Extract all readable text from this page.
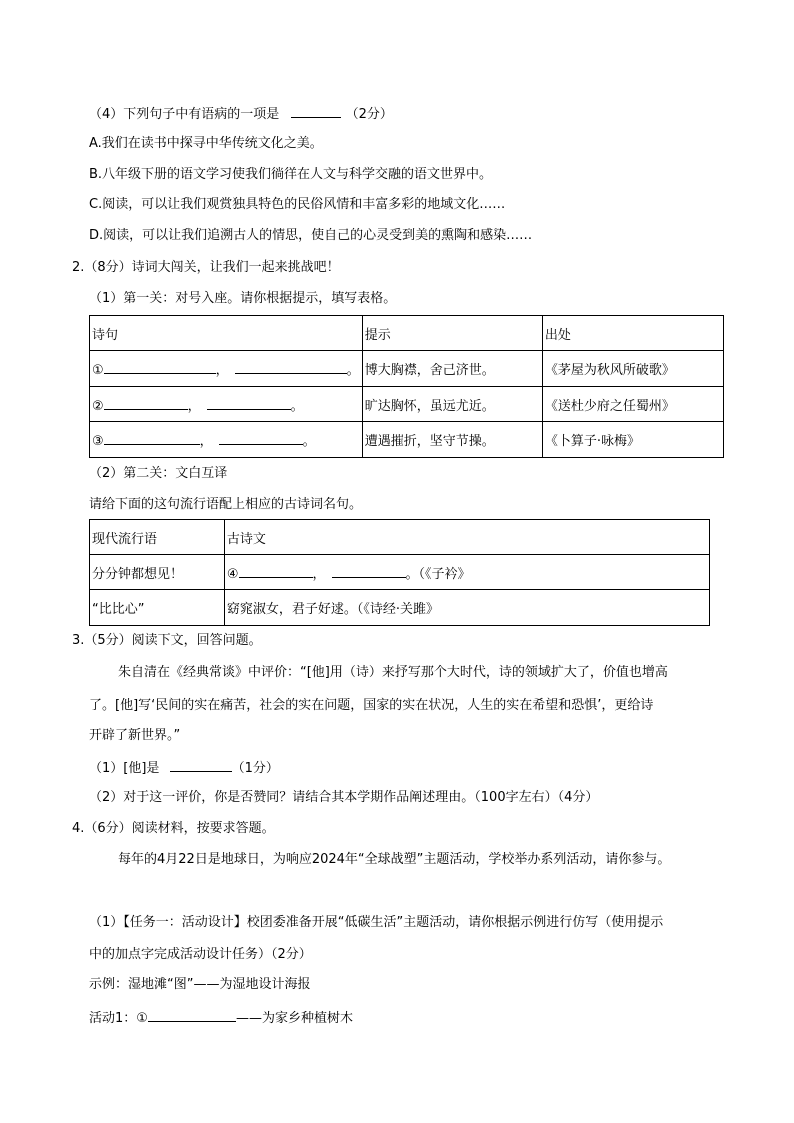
（4）下列句子中有语病的一项是	（2分）
A.我们在读书中探寻中华传统文化之美。
B.八年级下册的语文学习使我们徜徉在人文与科学交融的语文世界中。
C.阅读，可以让我们观赏独具特色的民俗风情和丰富多彩的地域文化……
D.阅读，可以让我们追溯古人的情思，使自己的心灵受到美的熏陶和感染……
2.（8分）诗词大闯关，让我们一起来挑战吧！
（1）第一关：对号入座。请你根据提示，填写表格。
诗句	提示	出处
① ， 。	博大胸襟，舍己济世。	《茅屋为秋风所破歌》
② ， 。	旷达胸怀，虽远尤近。	《送杜少府之任蜀州》
③ ， 。	遭遇摧折，坚守节操。	《卜算子·咏梅》
（2）第二关：文白互译
请给下面的这句流行语配上相应的古诗词名句。
现代流行语	古诗文
分分钟都想见！	④ ， 。（《子衿》
“比比心”	窈窕淑女，君子好逑。（《诗经·关雎》
3.（5分）阅读下文，回答问题。
朱自清在《经典常谈》中评价：“[他]用（诗）来抒写那个大时代，诗的领域扩大了，价值也增高
了。[他]写‘民间的实在痛苦，社会的实在问题，国家的实在状况，人生的实在希望和恐惧’，更给诗
开辟了新世界。”
（1）[他]是	（1分）
（2）对于这一评价，你是否赞同？请结合其本学期作品阐述理由。（100字左右）（4分）
4.（6分）阅读材料，按要求答题。
每年的4月22日是地球日，为响应2024年“全球战塑”主题活动，学校举办系列活动，请你参与。
（1）【任务一：活动设计】校团委准备开展“低碳生活”主题活动，请你根据示例进行仿写（使用提示
中的加点字完成活动设计任务）（2分）
示例：湿地滩“图”——为湿地设计海报
活动1：①	——为家乡种植树木
